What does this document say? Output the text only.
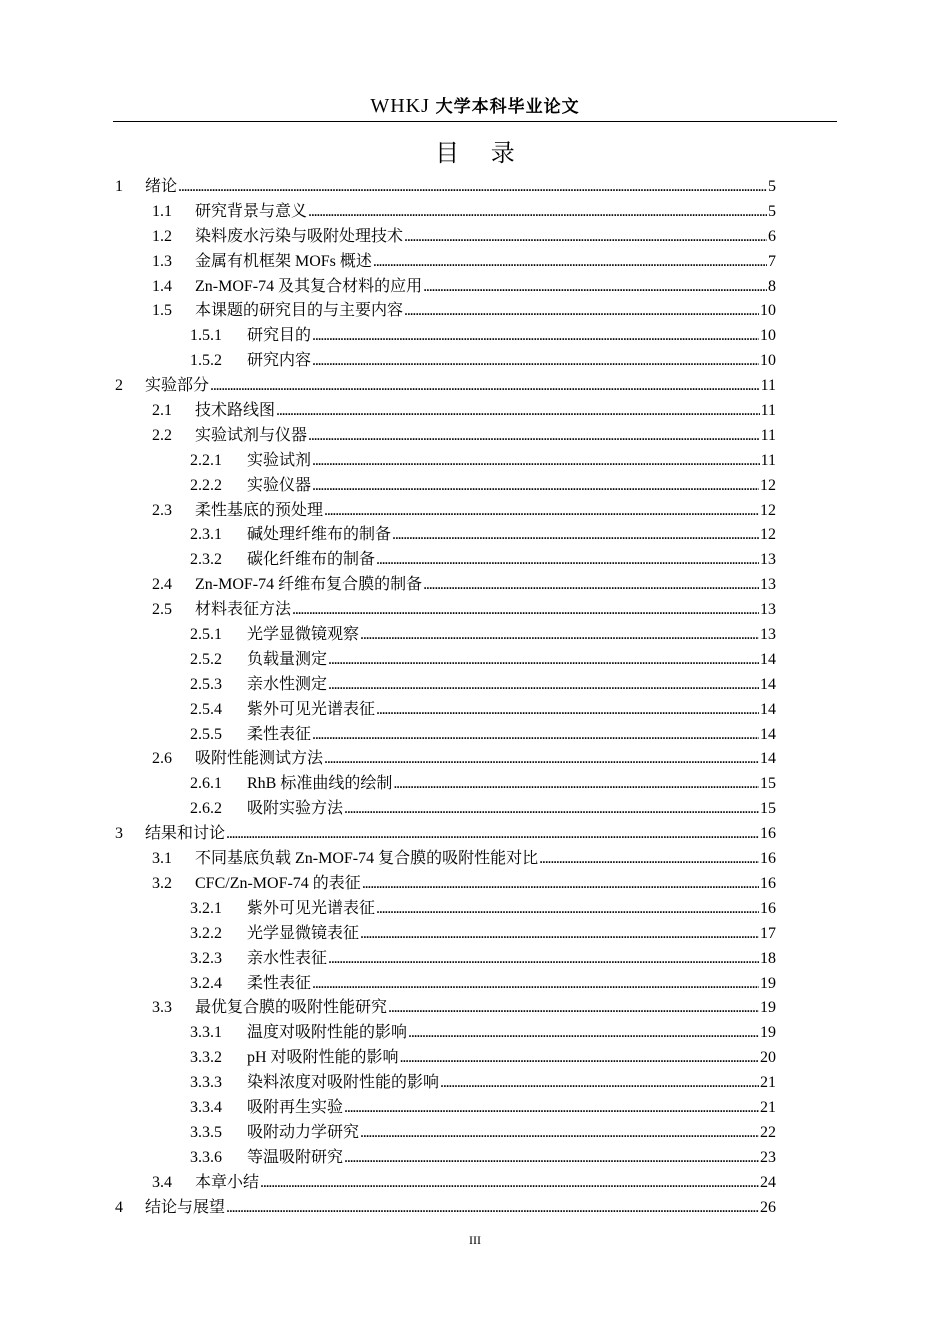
WHKJ 大学本科毕业论文
目 录
1	绪论 . . .	5
1.1	研究背景与意义 . . .	5
1.2	染料废水污染与吸附处理技术 . . .	6
1.3	金属有机框架 MOFs 概述 . . .	7
1.4	Zn-MOF-74 及其复合材料的应用 . . .	8
1.5	本课题的研究目的与主要内容 . . .	10
1.5.1	研究目的 . . .	10
1.5.2	研究内容 . . .	10
2	实验部分 . . .	11
2.1	技术路线图 . . .	11
2.2	实验试剂与仪器 . . .	11
2.2.1	实验试剂 . . .	11
2.2.2	实验仪器 . . .	12
2.3	柔性基底的预处理 . . .	12
2.3.1	碱处理纤维布的制备 . . .	12
2.3.2	碳化纤维布的制备 . . .	13
2.4	Zn-MOF-74 纤维布复合膜的制备 . . .	13
2.5	材料表征方法 . . .	13
2.5.1	光学显微镜观察 . . .	13
2.5.2	负载量测定 . . .	14
2.5.3	亲水性测定 . . .	14
2.5.4	紫外可见光谱表征 . . .	14
2.5.5	柔性表征 . . .	14
2.6	吸附性能测试方法 . . .	14
2.6.1	RhB 标准曲线的绘制 . . .	15
2.6.2	吸附实验方法 . . .	15
3	结果和讨论 . . .	16
3.1	不同基底负载 Zn-MOF-74 复合膜的吸附性能对比 . . .	16
3.2	CFC/Zn-MOF-74 的表征 . . .	16
3.2.1	紫外可见光谱表征 . . .	16
3.2.2	光学显微镜表征 . . .	17
3.2.3	亲水性表征 . . .	18
3.2.4	柔性表征 . . .	19
3.3	最优复合膜的吸附性能研究 . . .	19
3.3.1	温度对吸附性能的影响 . . .	19
3.3.2	pH 对吸附性能的影响 . . .	20
3.3.3	染料浓度对吸附性能的影响 . . .	21
3.3.4	吸附再生实验 . . .	21
3.3.5	吸附动力学研究 . . .	22
3.3.6	等温吸附研究 . . .	23
3.4	本章小结 . . .	24
4	结论与展望 . . .	26
III
